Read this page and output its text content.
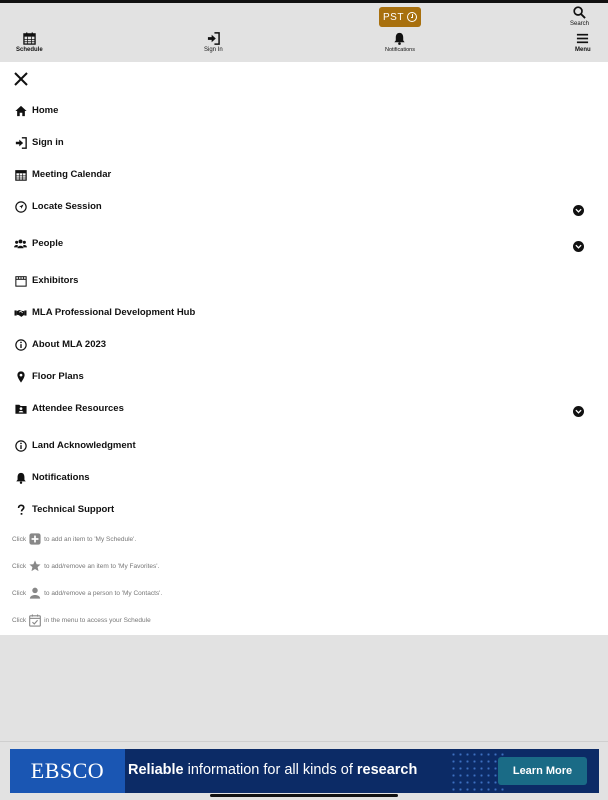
PST
Search
Schedule	Sign In	Notifications	Menu
Home
Sign in
Meeting Calendar
Locate Session
People
Exhibitors
MLA Professional Development Hub
About MLA 2023
Floor Plans
Attendee Resources
Land Acknowledgment
Notifications
Technical Support
Click	to add an item to 'My Schedule'.
Click	to add/remove an item to 'My Favorites'.
Click	to add/remove a person to 'My Contacts'.
Click	in the menu to access your Schedule
EBSCO	Reliable information for all kinds of research	Learn More
